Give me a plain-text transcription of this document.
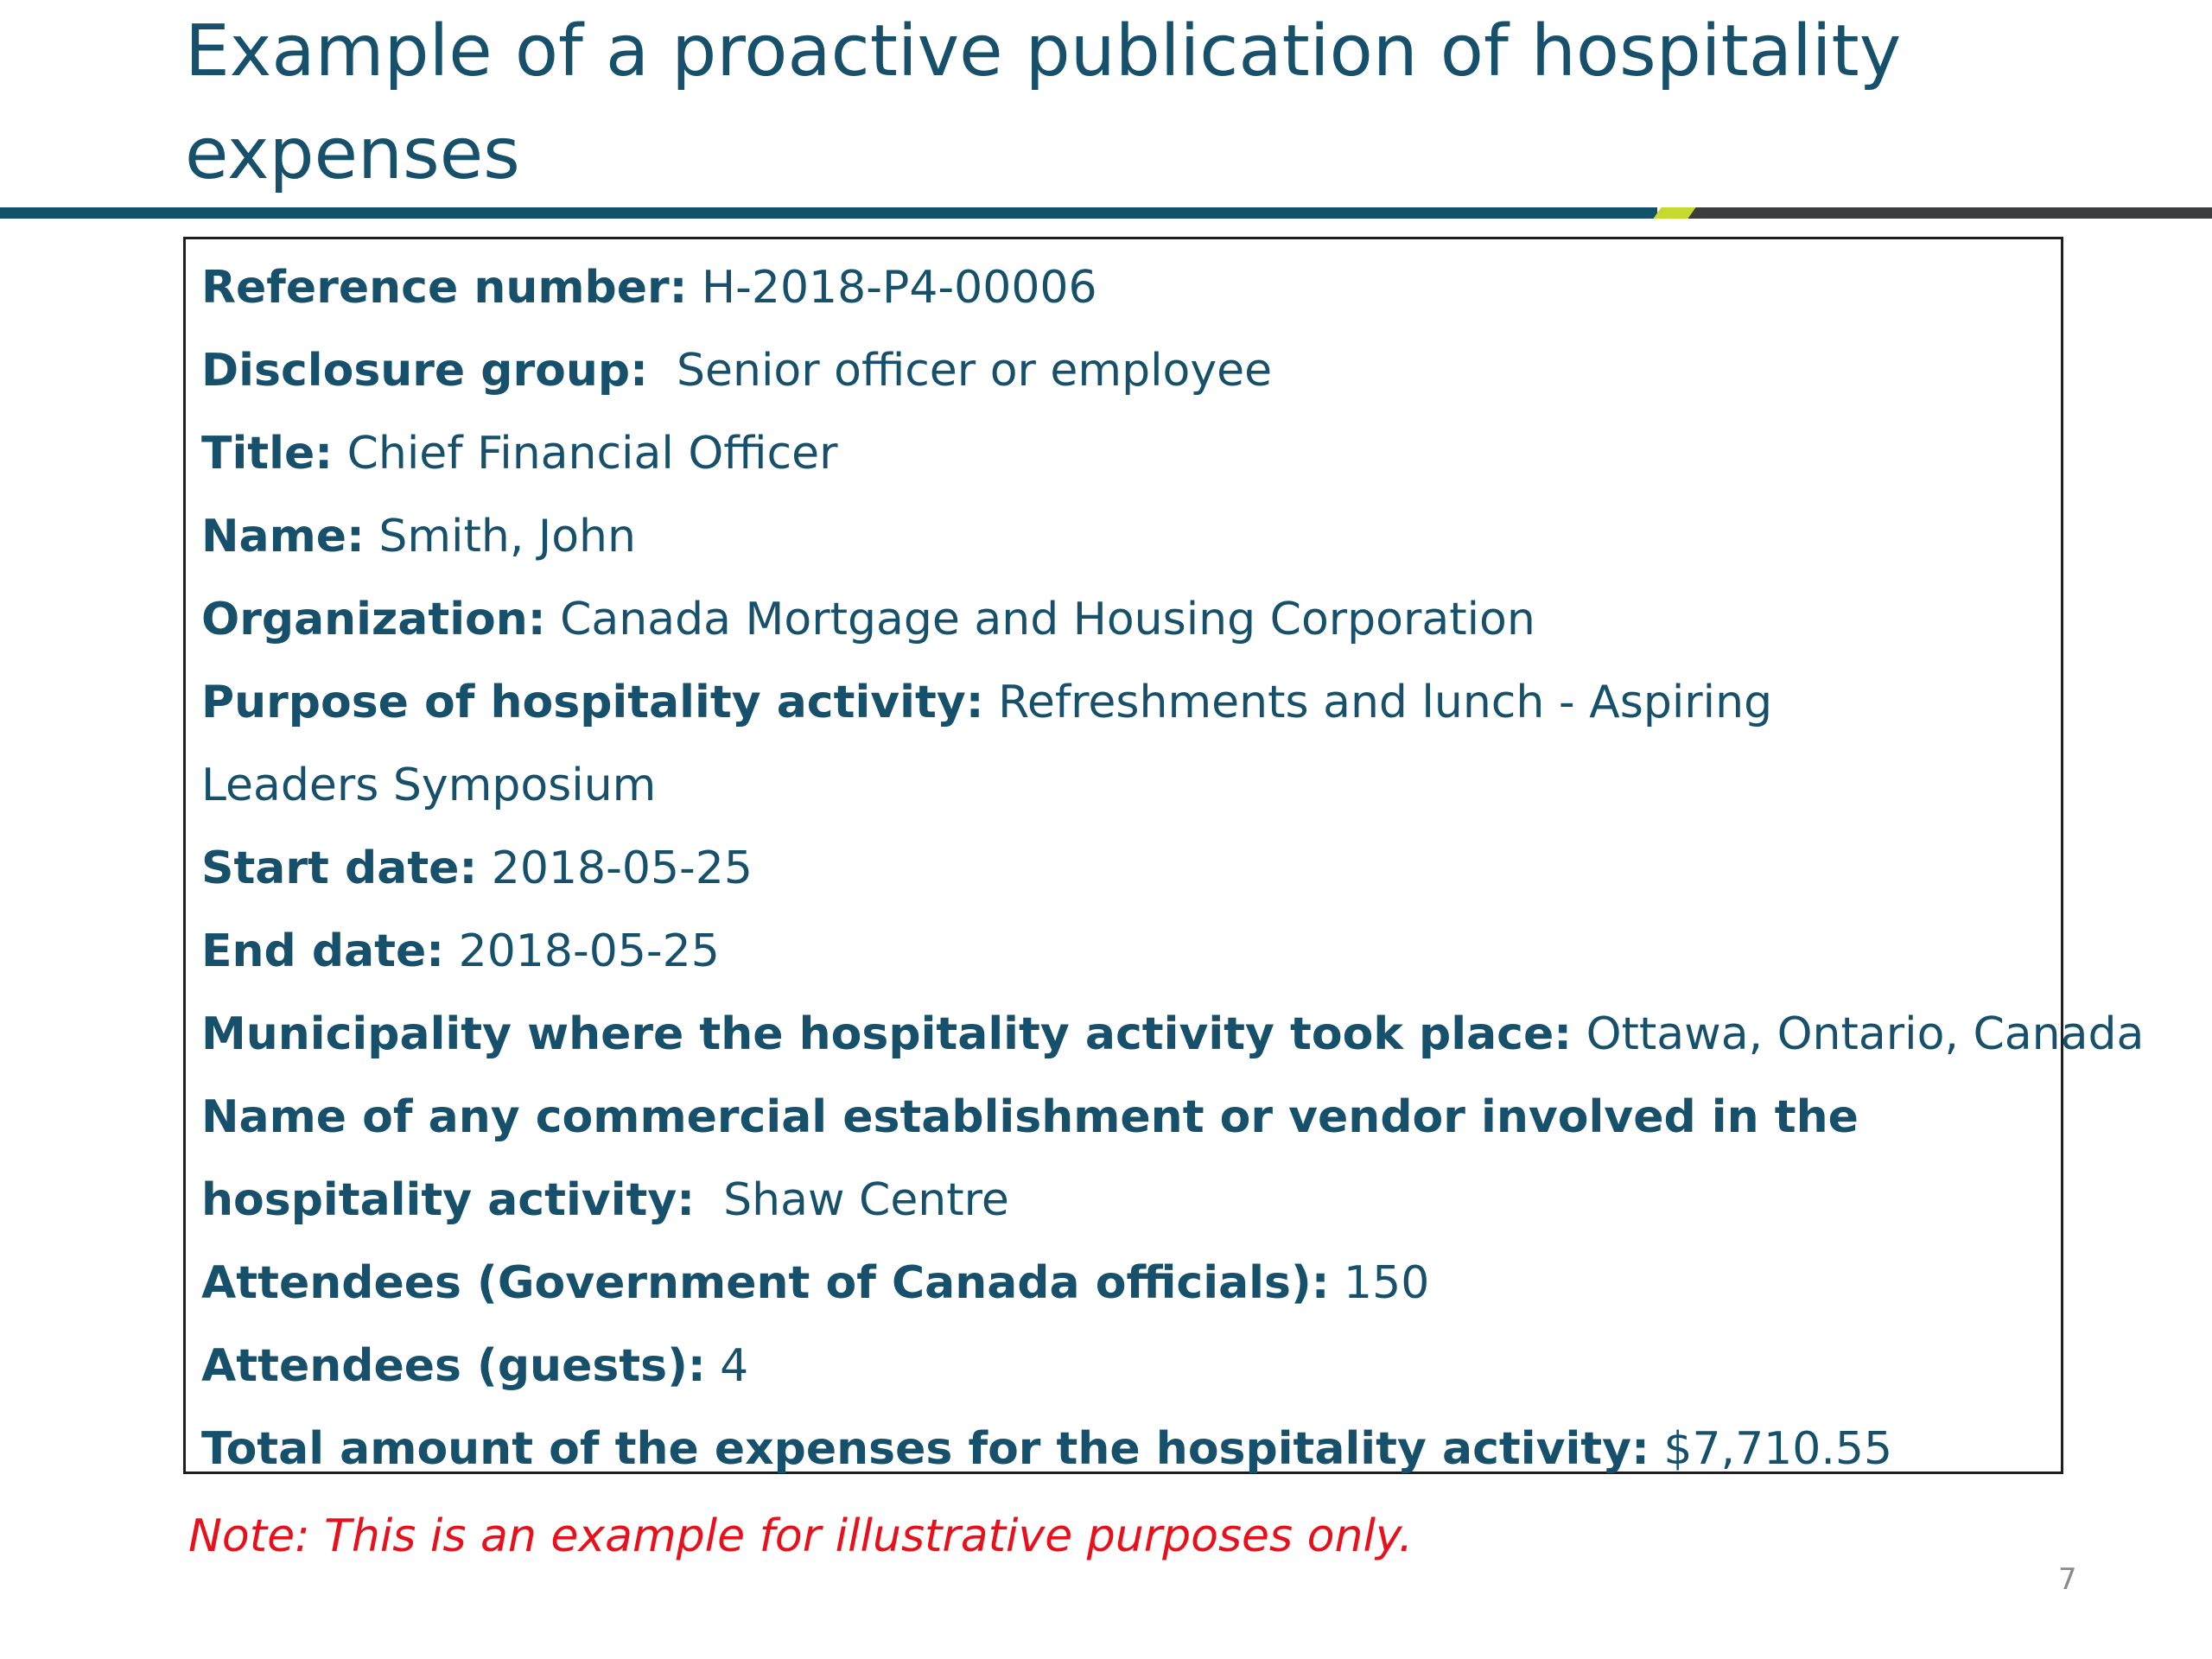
Example of a proactive publication of hospitality expenses

Reference number: H-2018-P4-00006

Disclosure group:  Senior officer or employee

Title: Chief Financial Officer

Name: Smith, John

Organization: Canada Mortgage and Housing Corporation

Purpose of hospitality activity: Refreshments and lunch - Aspiring Leaders Symposium

Start date: 2018-05-25

End date: 2018-05-25

Municipality where the hospitality activity took place: Ottawa, Ontario, Canada

Name of any commercial establishment or vendor involved in the hospitality activity:  Shaw Centre

Attendees (Government of Canada officials): 150

Attendees (guests): 4

Total amount of the expenses for the hospitality activity: $7,710.55

Note: This is an example for illustrative purposes only.

7
